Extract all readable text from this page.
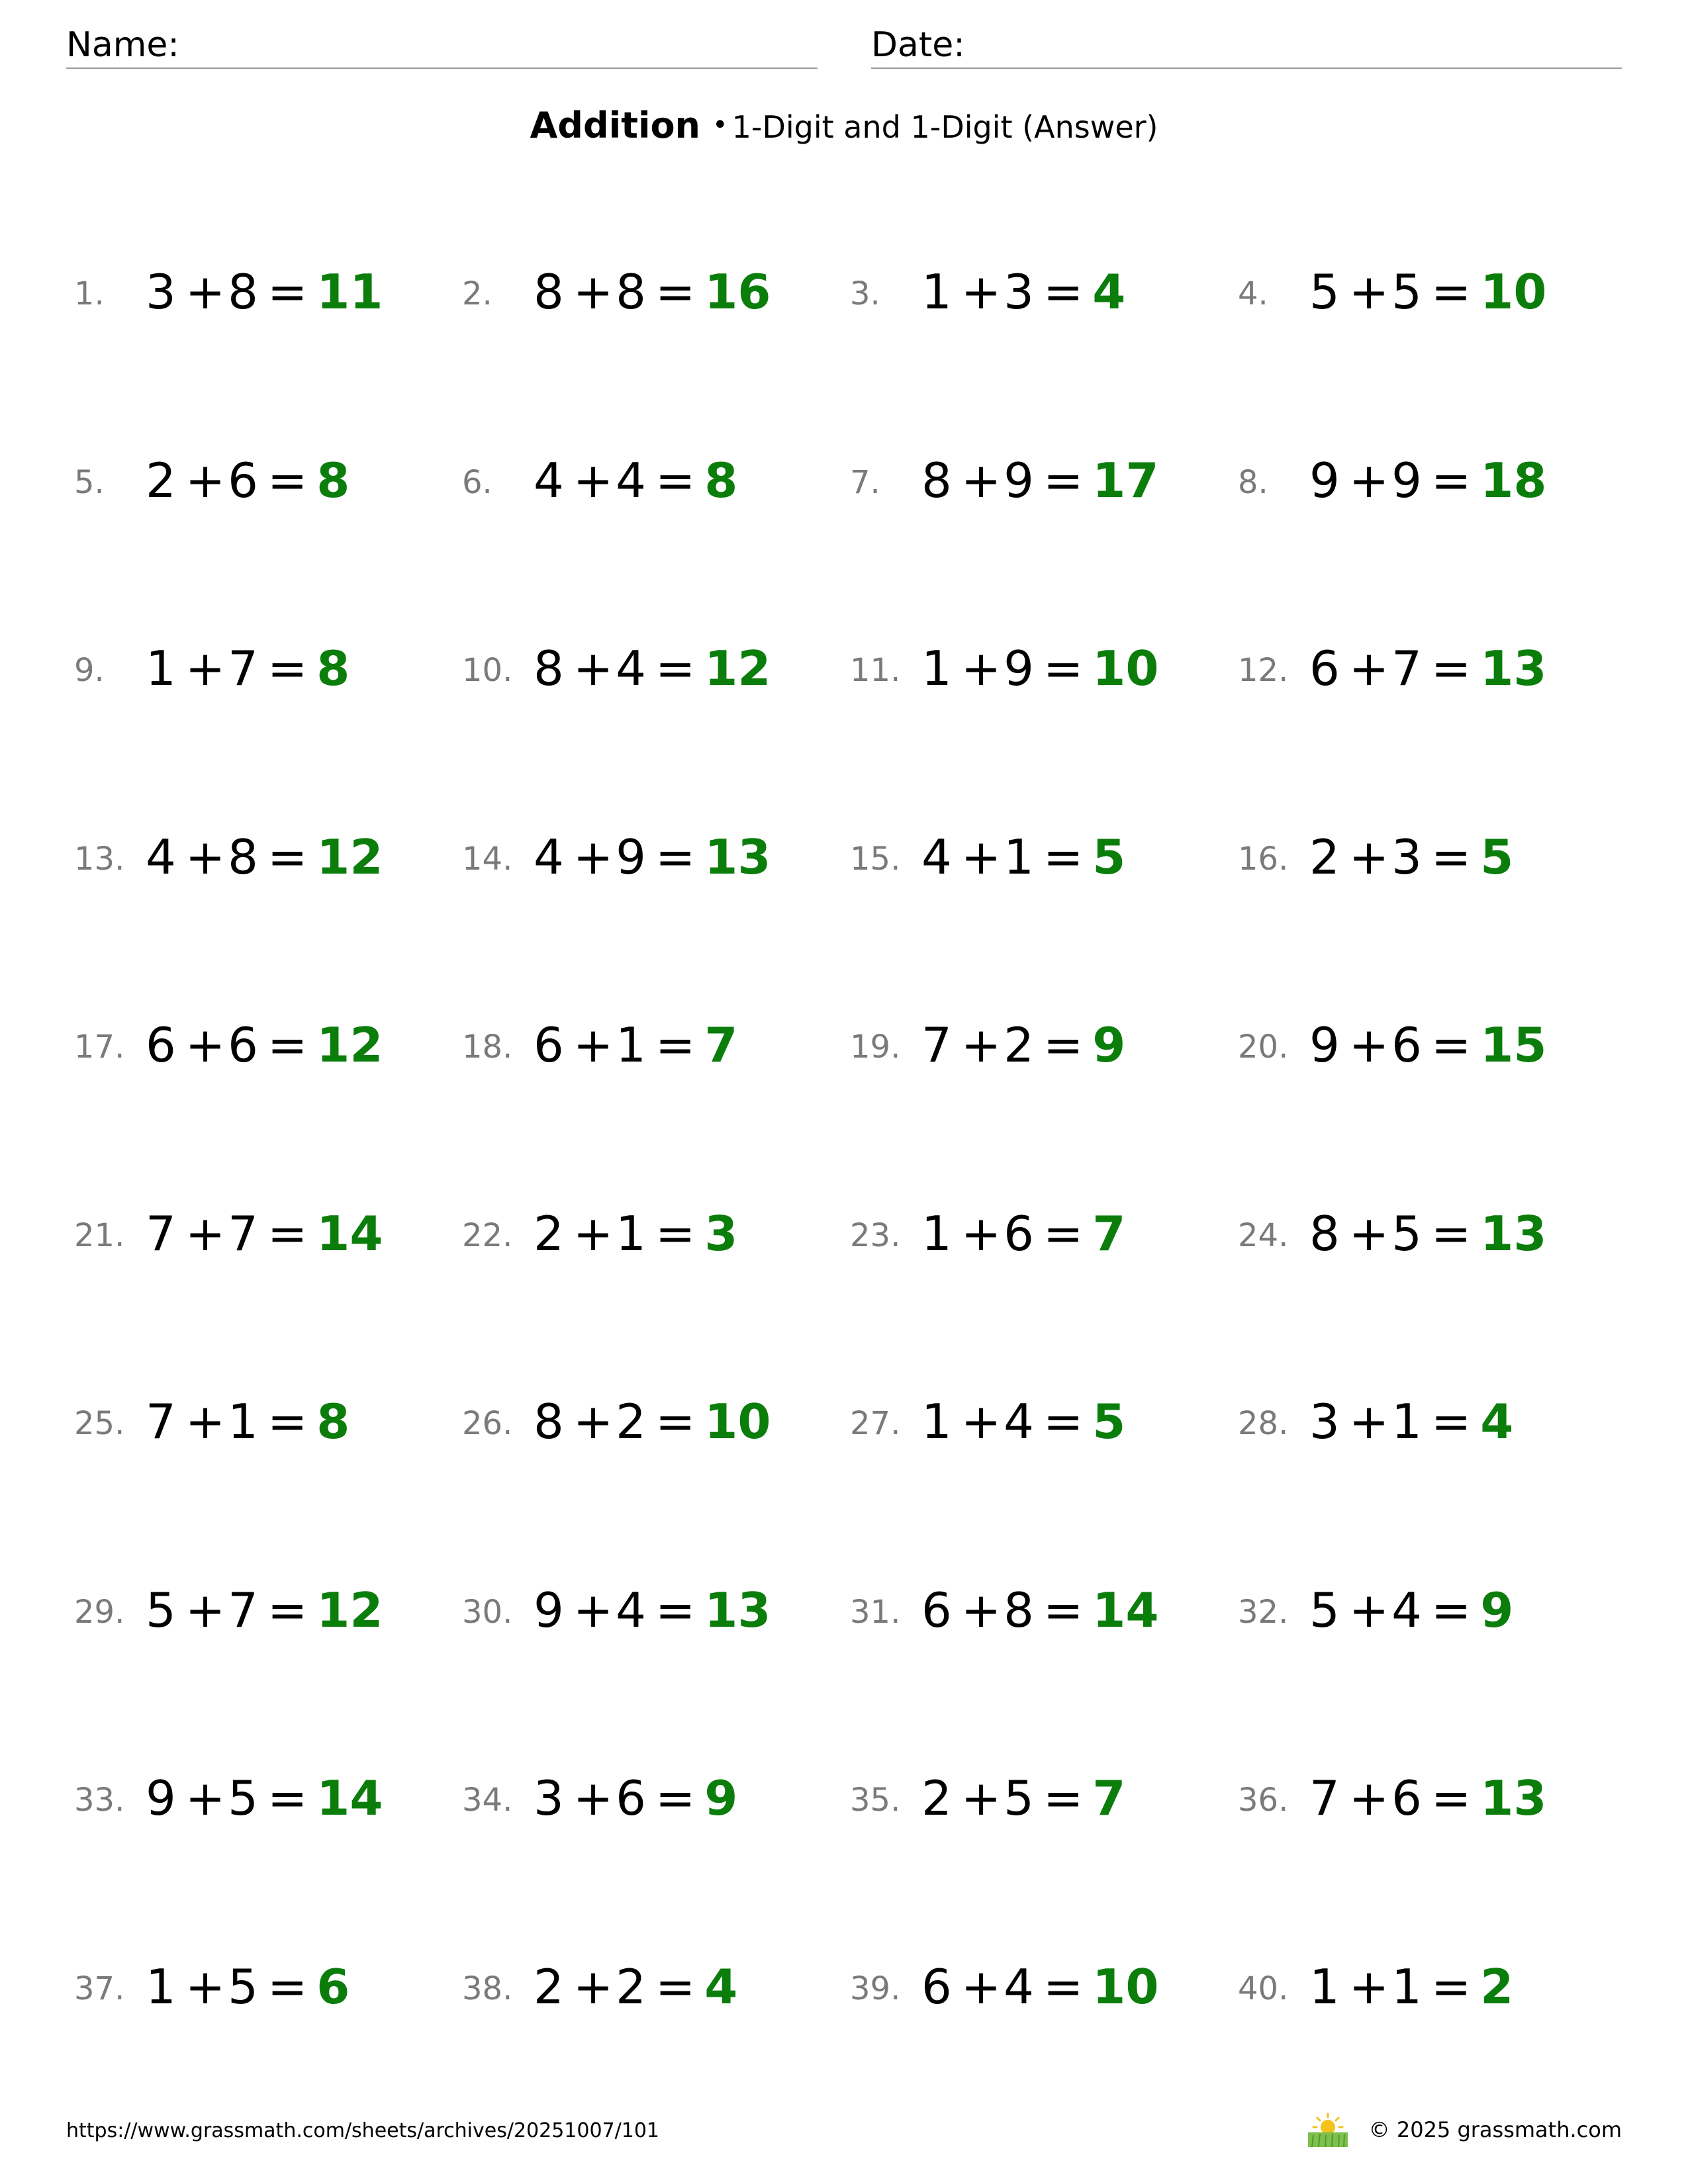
Name:	Date:
Addition • 1-Digit and 1-Digit (Answer)
1. 3 +8 = 11 2. 8 +8 = 16 3. 1 +3 = 4	4. 5 +5 = 10
5. 2 +6 = 8	6. 4 +4 = 8	7. 8 +9 = 17 8. 9 +9 = 18
9. 1 +7 = 8	10. 8 +4 = 12 11. 1 +9 = 10 12. 6 +7 = 13
13. 4 +8 = 12 14. 4 +9 = 13 15. 4 +1 = 5	16. 2 +3 = 5
17. 6 +6 = 12 18. 6 +1 = 7	19. 7 +2 = 9	20. 9 +6 = 15
21. 7 +7 = 14 22. 2 +1 = 3	23. 1 +6 = 7	24. 8 +5 = 13
25. 7 +1 = 8	26. 8 +2 = 10 27. 1 +4 = 5	28. 3 +1 = 4
29. 5 +7 = 12 30. 9 +4 = 13 31. 6 +8 = 14 32. 5 +4 = 9
33. 9 +5 = 14 34. 3 +6 = 9	35. 2 +5 = 7	36. 7 +6 = 13
37. 1 +5 = 6	38. 2 +2 = 4	39. 6 +4 = 10 40. 1 +1 = 2
https://www.grassmath.com/sheets/archives/20251007/101	© 2025 grassmath.com
